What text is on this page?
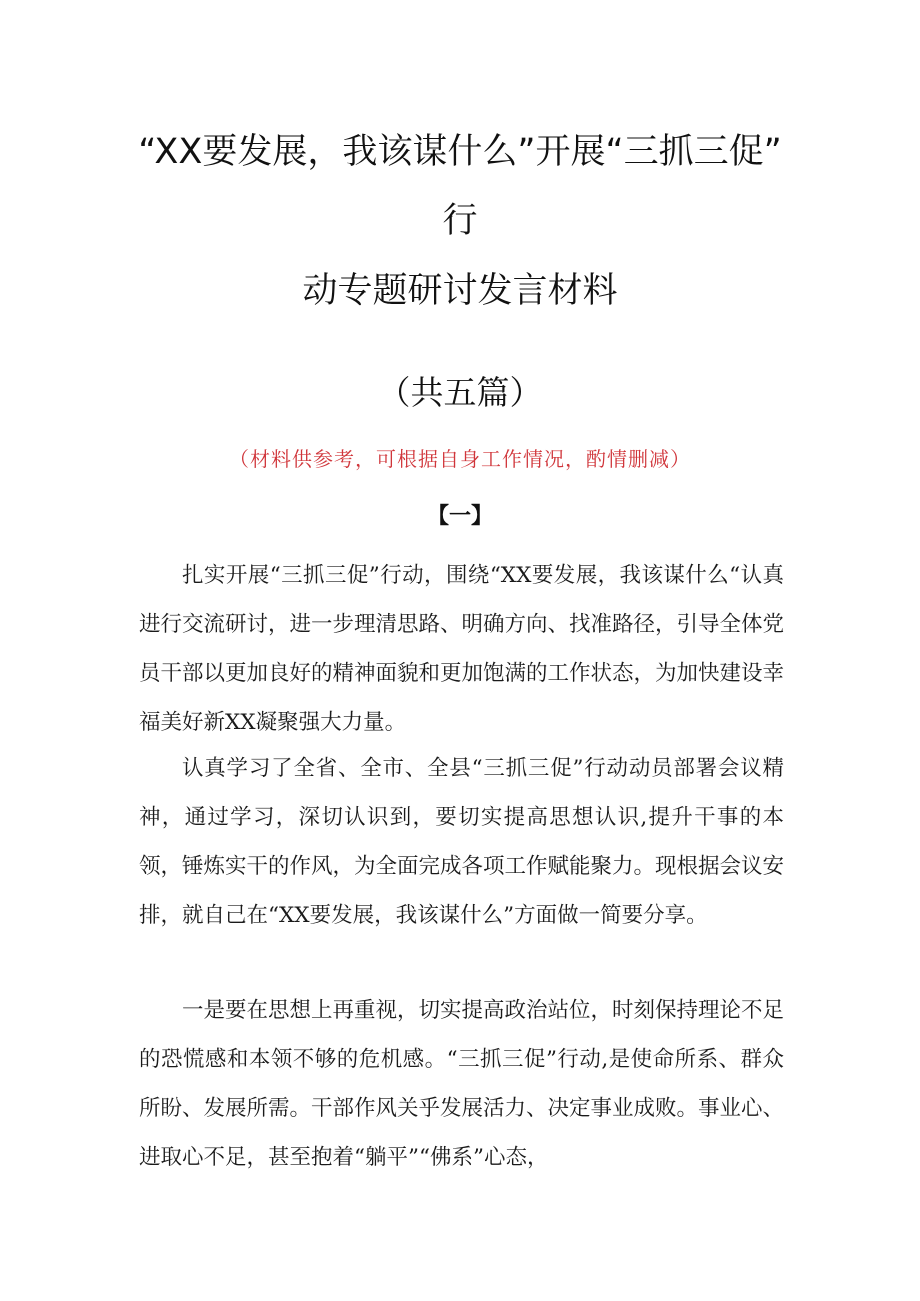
“XX要发展，我该谋什么”开展“三抓三促”
行
动专题研讨发言材料
（共五篇）
（材料供参考，可根据自身工作情况，酌情删减）
【一】

扎实开展“三抓三促”行动，围绕“XX要发展，我该谋什么“认真进行交流研讨，进一步理清思路、明确方向、找准路径，引导全体党员干部以更加良好的精神面貌和更加饱满的工作状态，为加快建设幸福美好新XX凝聚强大力量。

认真学习了全省、全市、全县“三抓三促”行动动员部署会议精神，通过学习，深切认识到，要切实提高思想认识,提升干事的本领，锤炼实干的作风，为全面完成各项工作赋能聚力。现根据会议安排，就自己在“XX要发展，我该谋什么”方面做一简要分享。

一是要在思想上再重视，切实提高政治站位，时刻保持理论不足的恐慌感和本领不够的危机感。“三抓三促”行动,是使命所系、群众所盼、发展所需。干部作风关乎发展活力、决定事业成败。事业心、进取心不足，甚至抱着“躺平”“佛系”心态，
